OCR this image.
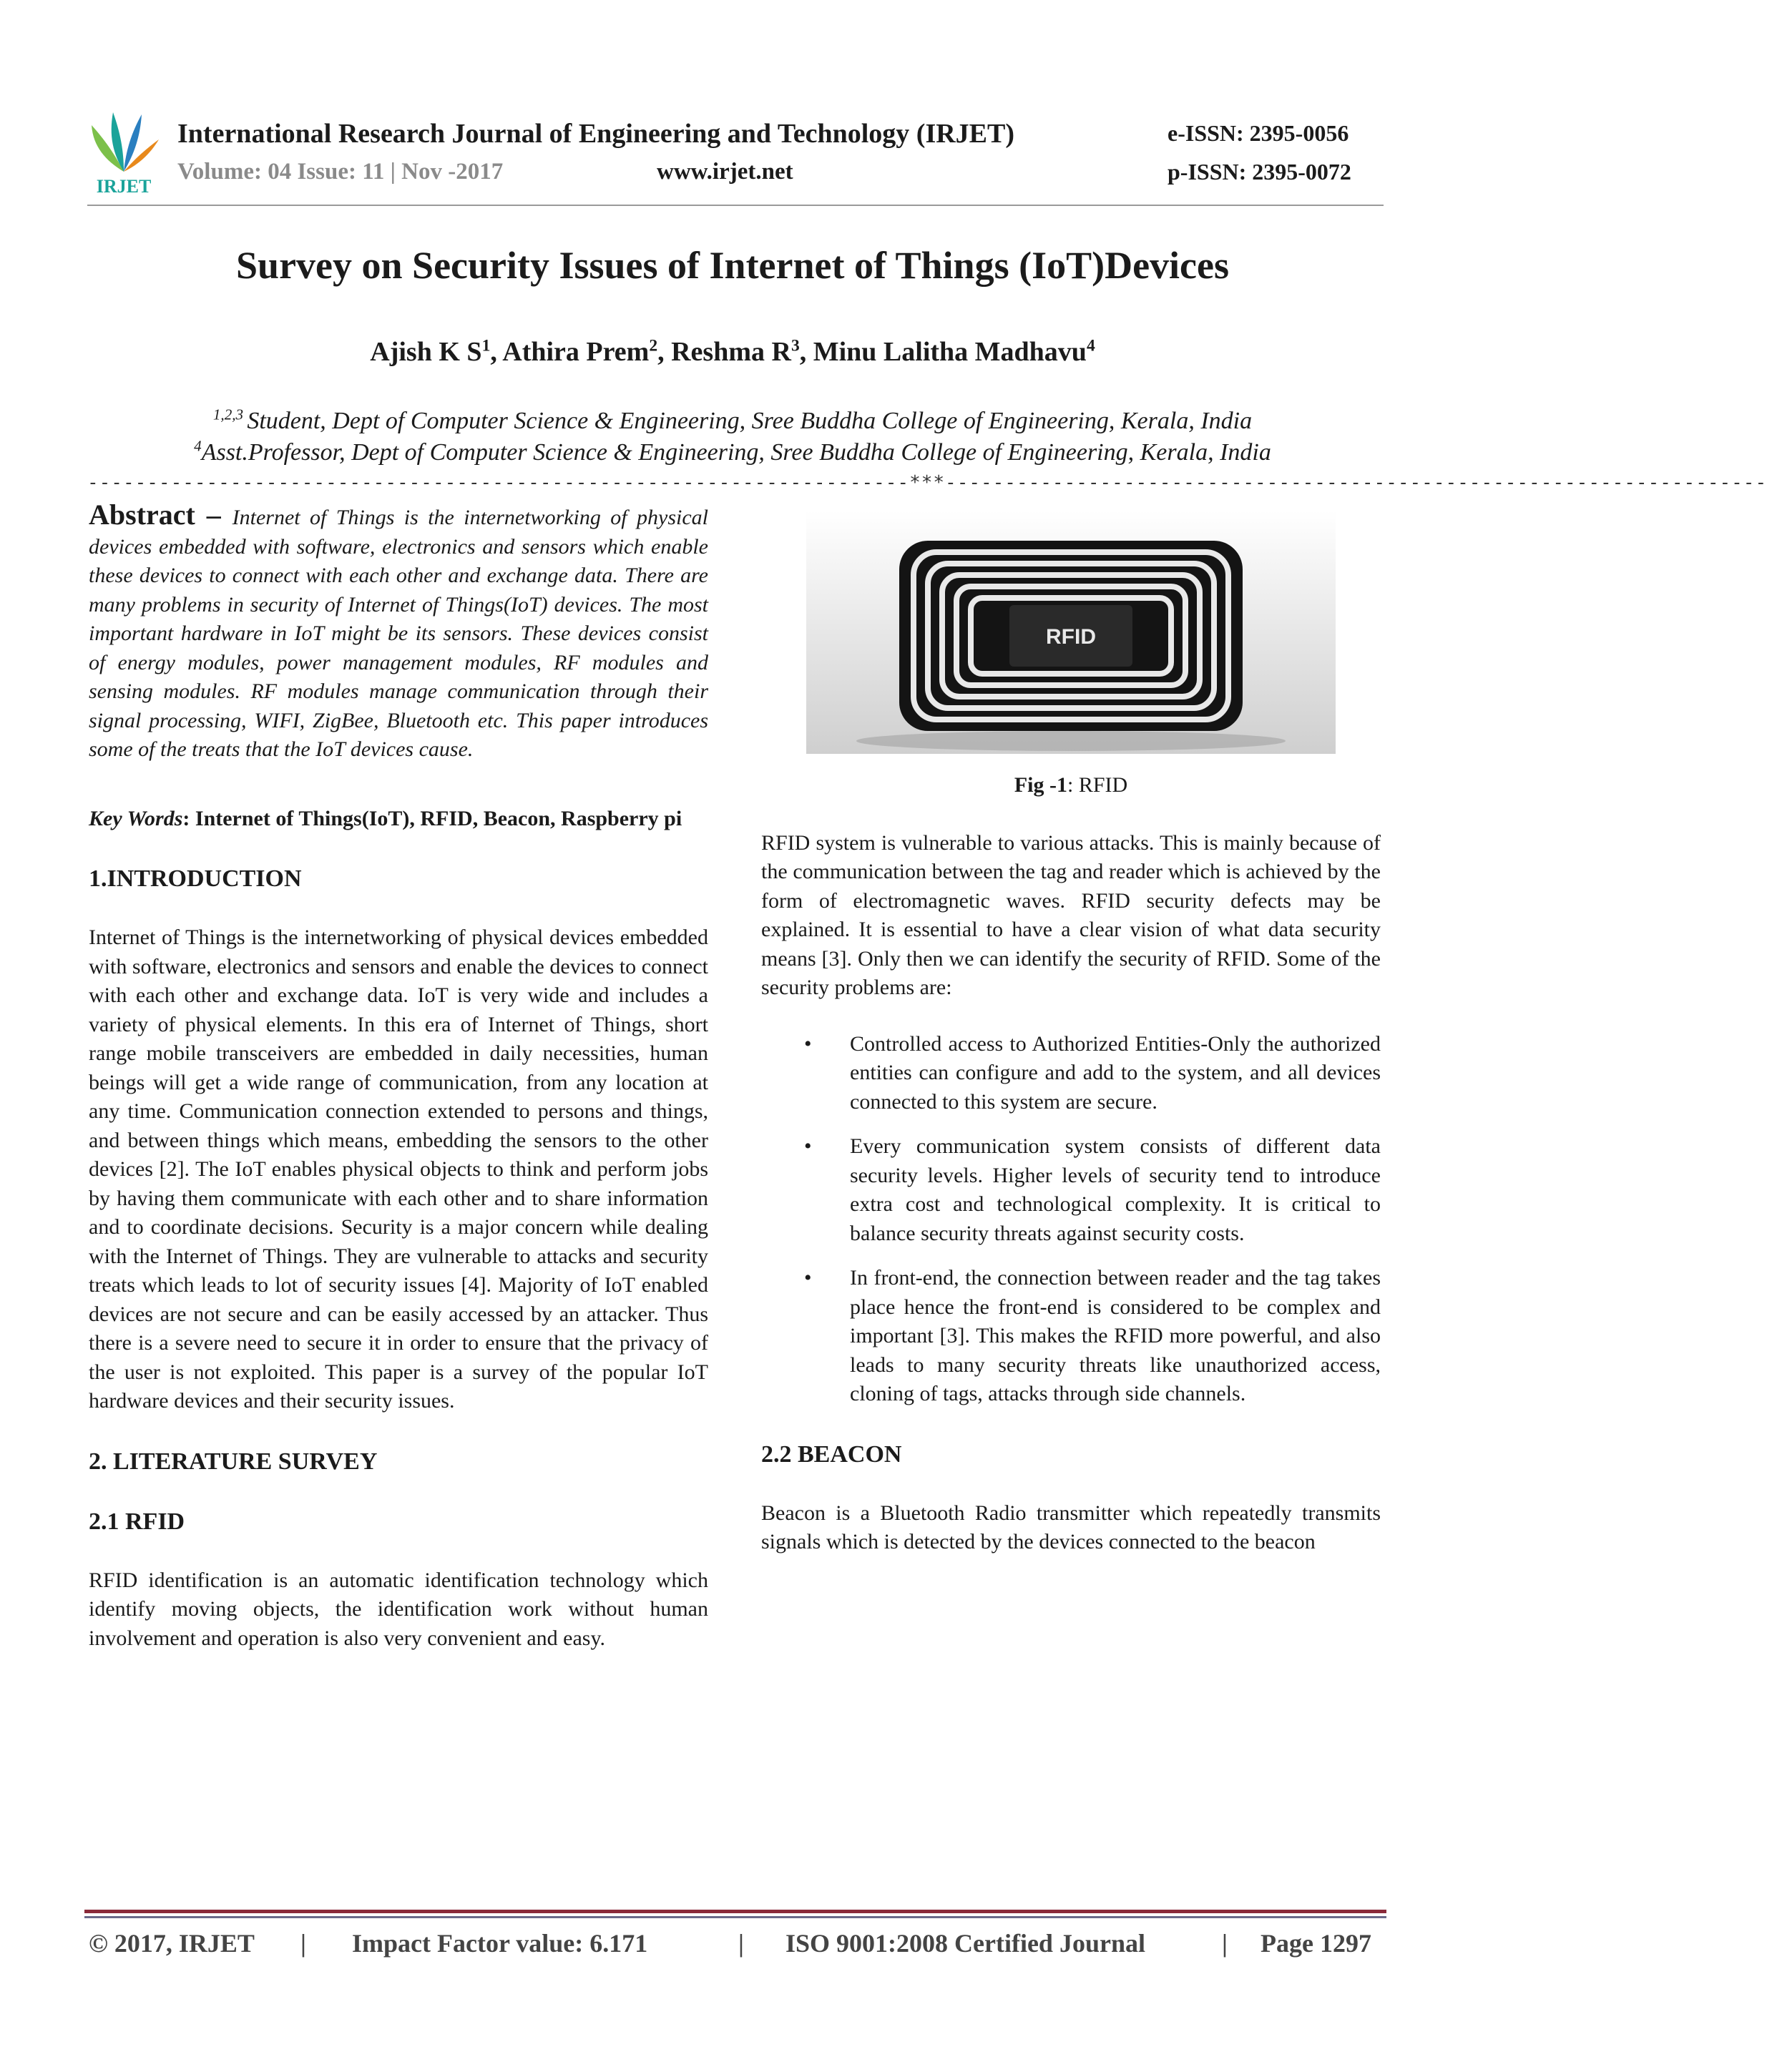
IRJET
International Research Journal of Engineering and Technology (IRJET)	e-ISSN: 2395-0056
Volume: 04 Issue: 11 | Nov -2017	www.irjet.net	p-ISSN: 2395-0072
Survey on Security Issues of Internet of Things (IoT)Devices
Ajish K $S^1$, Athira Prem$^2$, Reshma $R^3$, Minu Lalitha Madhavu$^4$
$^{1,2,3}$ Student, Dept of Computer Science & Engineering, Sree Buddha College of Engineering, Kerala, India
$^4$Asst.Professor, Dept of Computer Science & Engineering, Sree Buddha College of Engineering, Kerala, India
---------------------------------------------------------------------***---------------------------------------------------------------------

Abstract – Internet of Things is the internetworking of physical devices embedded with software, electronics and sensors which enable these devices to connect with each other and exchange data. There are many problems in security of Internet of Things(IoT) devices. The most important hardware in IoT might be its sensors. These devices consist of energy modules, power management modules, RF modules and sensing modules. RF modules manage communication through their signal processing, WIFI, ZigBee, Bluetooth etc. This paper introduces some of the treats that the IoT devices cause.

Key Words: Internet of Things(IoT), RFID, Beacon, Raspberry pi

1.INTRODUCTION

Internet of Things is the internetworking of physical devices embedded with software, electronics and sensors and enable the devices to connect with each other and exchange data. IoT is very wide and includes a variety of physical elements. In this era of Internet of Things, short range mobile transceivers are embedded in daily necessities, human beings will get a wide range of communication, from any location at any time. Communication connection extended to persons and things, and between things which means, embedding the sensors to the other devices [2]. The IoT enables physical objects to think and perform jobs by having them communicate with each other and to share information and to coordinate decisions. Security is a major concern while dealing with the Internet of Things. They are vulnerable to attacks and security treats which leads to lot of security issues [4]. Majority of IoT enabled devices are not secure and can be easily accessed by an attacker. Thus there is a severe need to secure it in order to ensure that the privacy of the user is not exploited. This paper is a survey of the popular IoT hardware devices and their security issues.

2. LITERATURE SURVEY
2.1 RFID

RFID identification is an automatic identification technology which identify moving objects, the identification work without human involvement and operation is also very convenient and easy.

RFID

Fig -1: RFID

RFID system is vulnerable to various attacks. This is mainly because of the communication between the tag and reader which is achieved by the form of electromagnetic waves. RFID security defects may be explained. It is essential to have a clear vision of what data security means [3]. Only then we can identify the security of RFID. Some of the security problems are:

• Controlled access to Authorized Entities-Only the authorized entities can configure and add to the system, and all devices connected to this system are secure.
• Every communication system consists of different data security levels. Higher levels of security tend to introduce extra cost and technological complexity. It is critical to balance security threats against security costs.
• In front-end, the connection between reader and the tag takes place hence the front-end is considered to be complex and important [3]. This makes the RFID more powerful, and also leads to many security threats like unauthorized access, cloning of tags, attacks through side channels.
2.2 BEACON

Beacon is a Bluetooth Radio transmitter which repeatedly transmits signals which is detected by the devices connected to the beacon

© 2017, IRJET | Impact Factor value: 6.171	| ISO 9001:2008 Certified Journal	| Page 1297
